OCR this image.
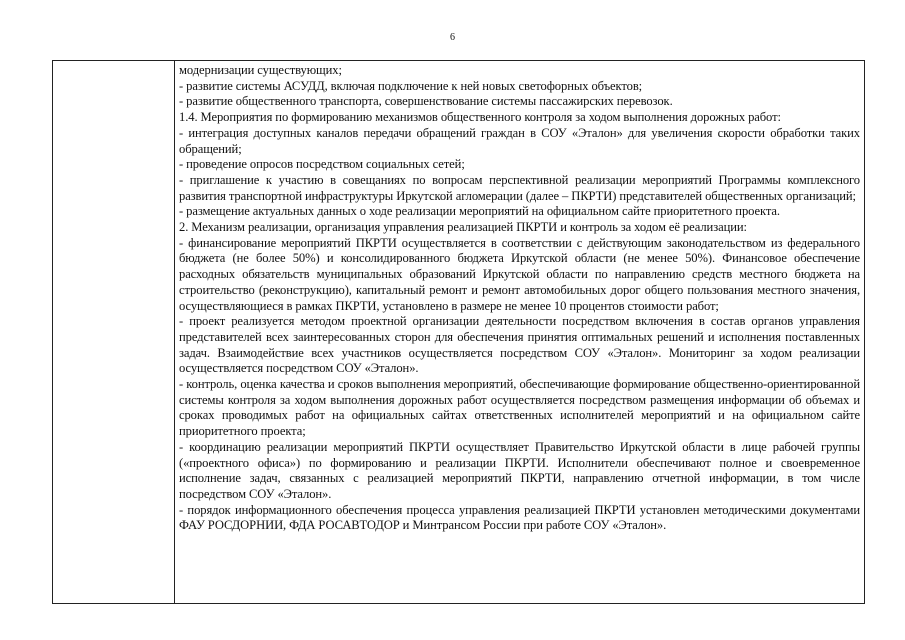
6

модернизации существующих;

- развитие системы АСУДД, включая подключение к ней новых светофорных объектов;

- развитие общественного транспорта, совершенствование системы пассажирских перевозок.

1.4. Мероприятия по формированию механизмов общественного контроля за ходом выполнения дорожных работ:

- интеграция доступных каналов передачи обращений граждан в СОУ «Эталон» для увеличения скорости обработки таких обращений;

- проведение опросов посредством социальных сетей;

- приглашение к участию в совещаниях по вопросам перспективной реализации мероприятий Программы комплексного развития транспортной инфраструктуры Иркутской агломерации (далее – ПКРТИ) представителей общественных организаций;

- размещение актуальных данных о ходе реализации мероприятий на официальном сайте приоритетного проекта.

2. Механизм реализации, организация управления реализацией ПКРТИ и контроль за ходом её реализации:

- финансирование мероприятий ПКРТИ осуществляется в соответствии с действующим законодательством из федерального бюджета (не более 50%) и консолидированного бюджета Иркутской области (не менее 50%). Финансовое обеспечение расходных обязательств муниципальных образований Иркутской области по направлению средств местного бюджета на строительство (реконструкцию), капитальный ремонт и ремонт автомобильных дорог общего пользования местного значения, осуществляющиеся в рамках ПКРТИ, установлено в размере не менее 10 процентов стоимости работ;

- проект реализуется методом проектной организации деятельности посредством включения в состав органов управления представителей всех заинтересованных сторон для обеспечения принятия оптимальных решений и исполнения поставленных задач. Взаимодействие всех участников осуществляется посредством СОУ «Эталон». Мониторинг за ходом реализации осуществляется посредством СОУ «Эталон».

- контроль, оценка качества и сроков выполнения мероприятий, обеспечивающие формирование общественно-ориентированной системы контроля за ходом выполнения дорожных работ осуществляется посредством размещения информации об объемах и сроках проводимых работ на официальных сайтах ответственных исполнителей мероприятий и на официальном сайте приоритетного проекта;

- координацию реализации мероприятий ПКРТИ осуществляет Правительство Иркутской области в лице рабочей группы («проектного офиса») по формированию и реализации ПКРТИ. Исполнители обеспечивают полное и своевременное исполнение задач, связанных с реализацией мероприятий ПКРТИ, направлению отчетной информации, в том числе посредством СОУ «Эталон».

- порядок информационного обеспечения процесса управления реализацией ПКРТИ установлен методическими документами ФАУ РОСДОРНИИ, ФДА РОСАВТОДОР и Минтрансом России при работе СОУ «Эталон».
